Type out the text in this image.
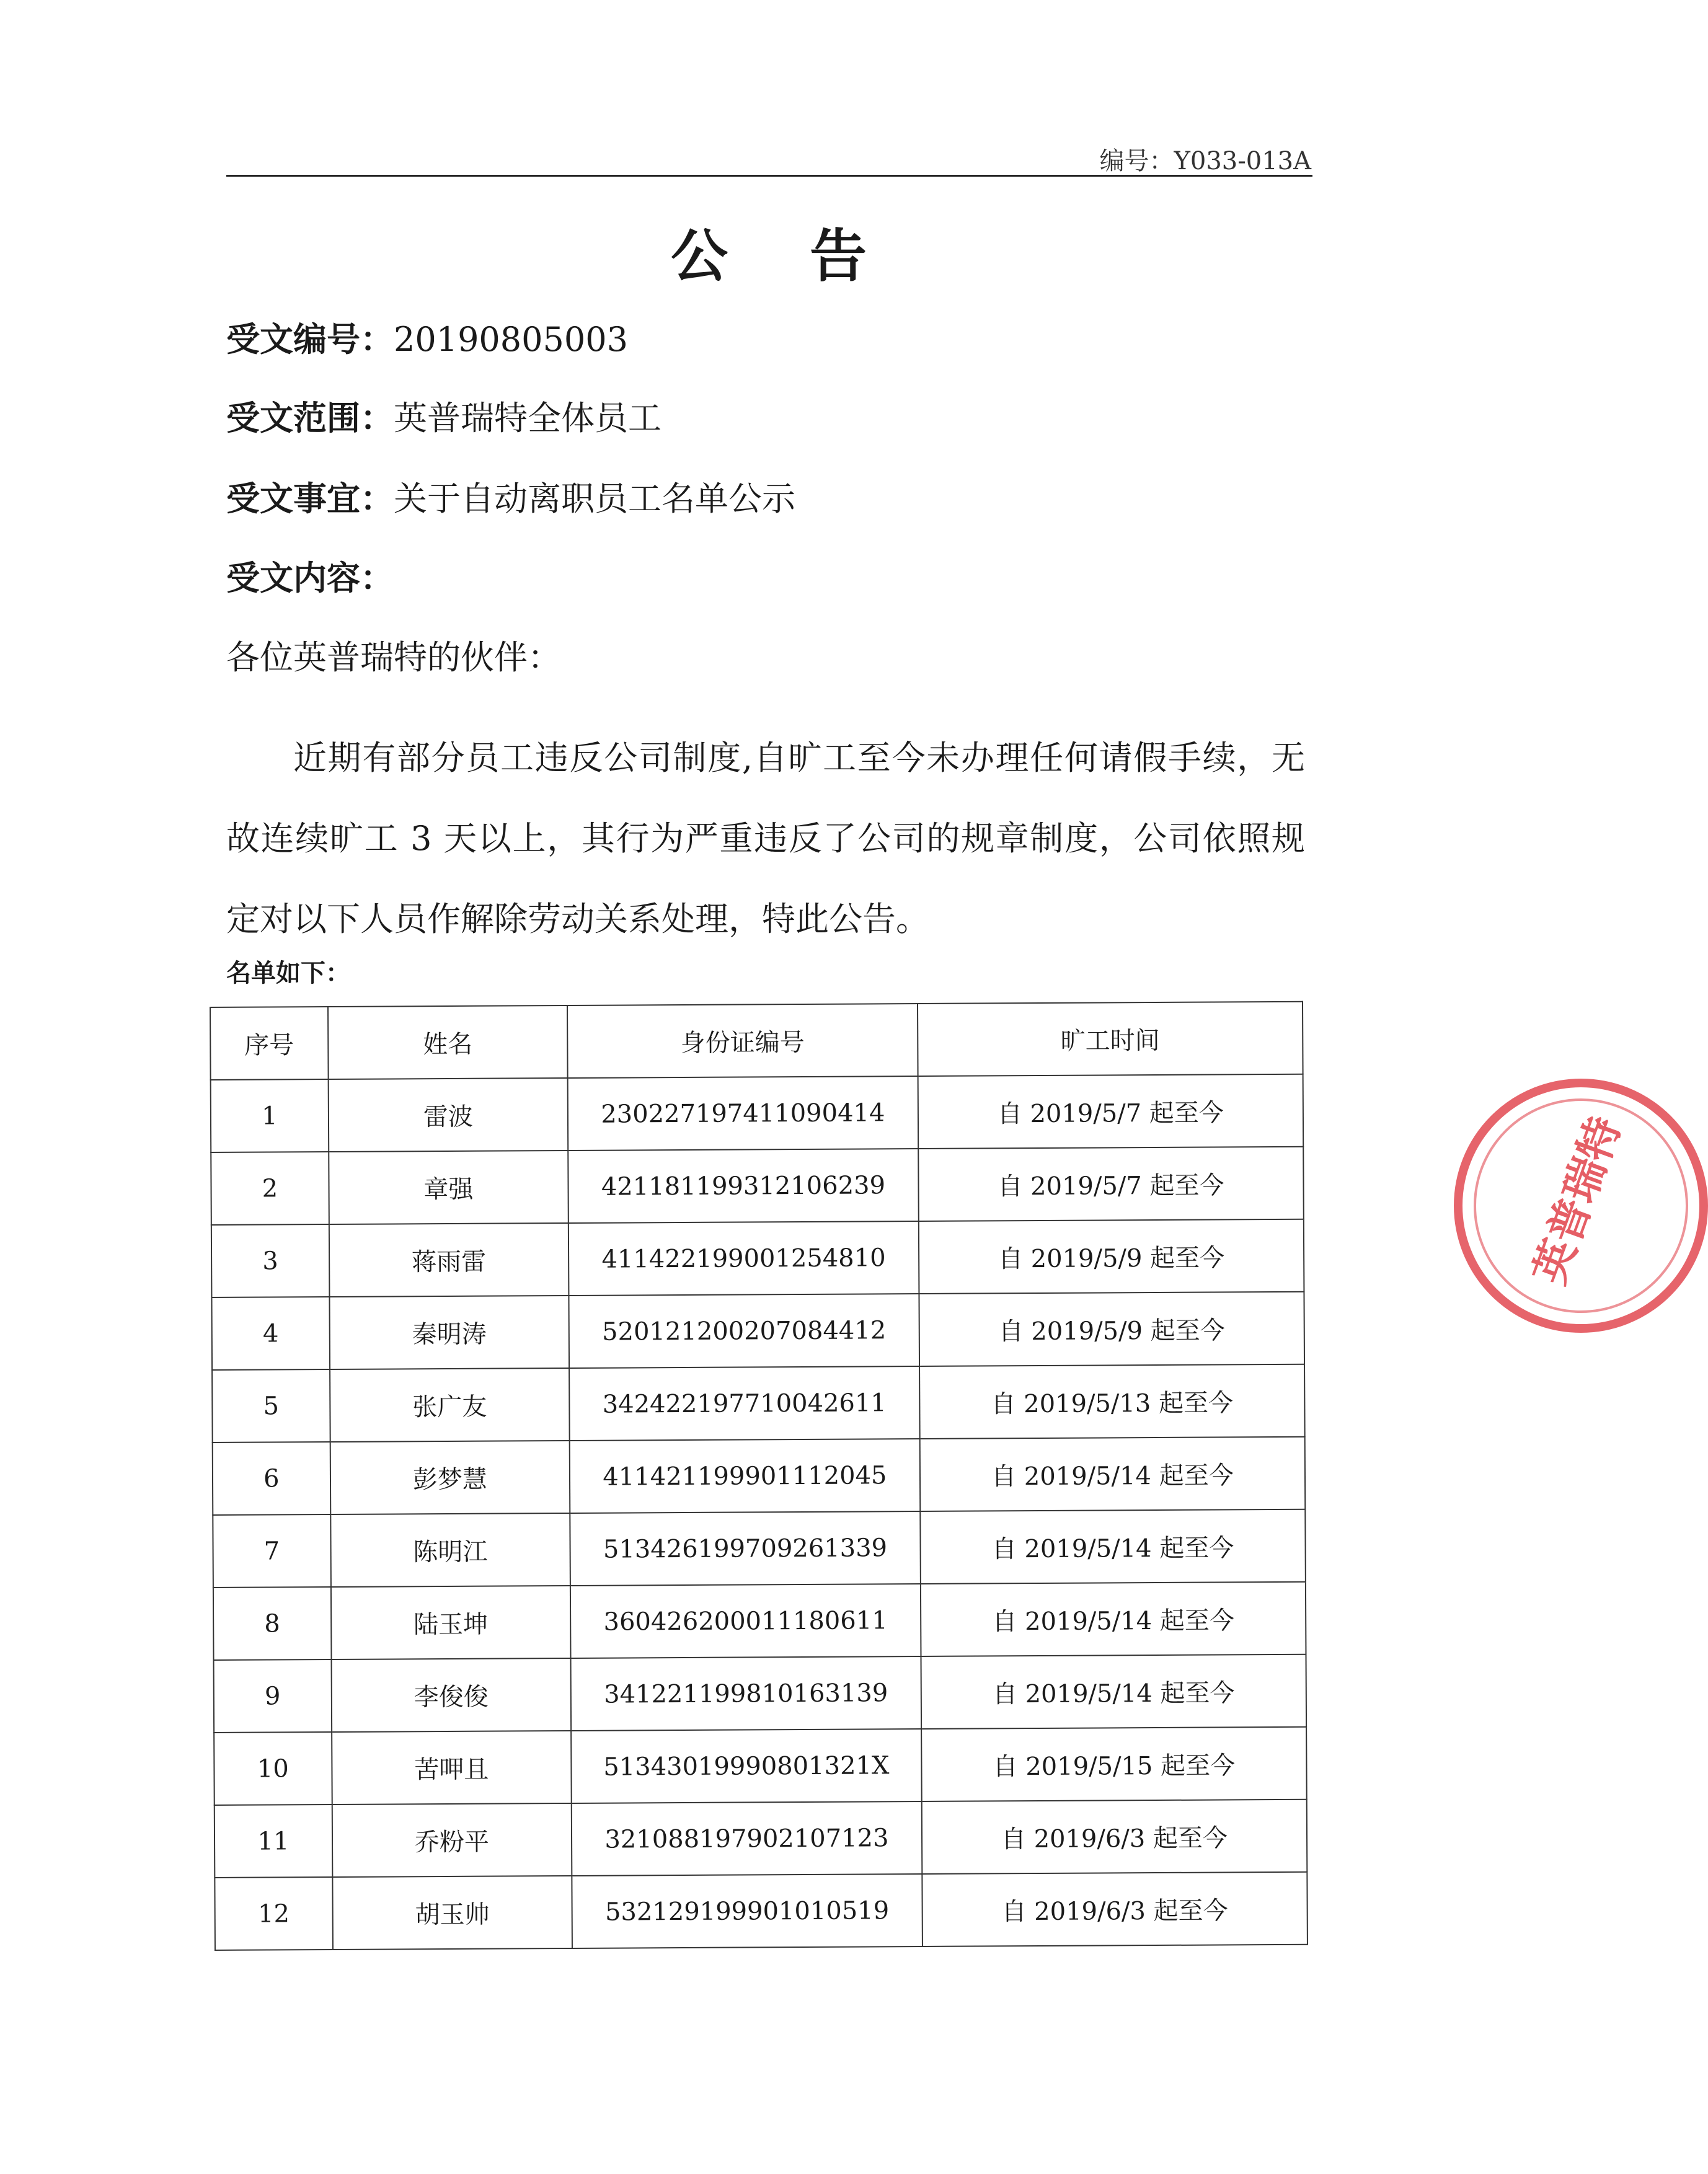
编号：Y033-013A
公 告
受文编号：20190805003
受文范围：英普瑞特全体员工
受文事宜：关于自动离职员工名单公示
受文内容：
各位英普瑞特的伙伴：
近期有部分员工违反公司制度,自旷工至今未办理任何请假手续，无故连续旷工 3 天以上，其行为严重违反了公司的规章制度，公司依照规定对以下人员作解除劳动关系处理，特此公告。
名单如下：
序号	姓名	身份证编号	旷工时间
1	雷波	230227197411090414	自 2019/5/7 起至今
2	章强	421181199312106239	自 2019/5/7 起至今
3	蒋雨雷	411422199001254810	自 2019/5/9 起至今
4	秦明涛	520121200207084412	自 2019/5/9 起至今
5	张广友	342422197710042611	自 2019/5/13 起至今
6	彭梦慧	411421199901112045	自 2019/5/14 起至今
7	陈明江	513426199709261339	自 2019/5/14 起至今
8	陆玉坤	360426200011180611	自 2019/5/14 起至今
9	李俊俊	341221199810163139	自 2019/5/14 起至今
10	苦呷且	51343019990801321X	自 2019/5/15 起至今
11	乔粉平	321088197902107123	自 2019/6/3 起至今
12	胡玉帅	532129199901010519	自 2019/6/3 起至今
英普瑞特
